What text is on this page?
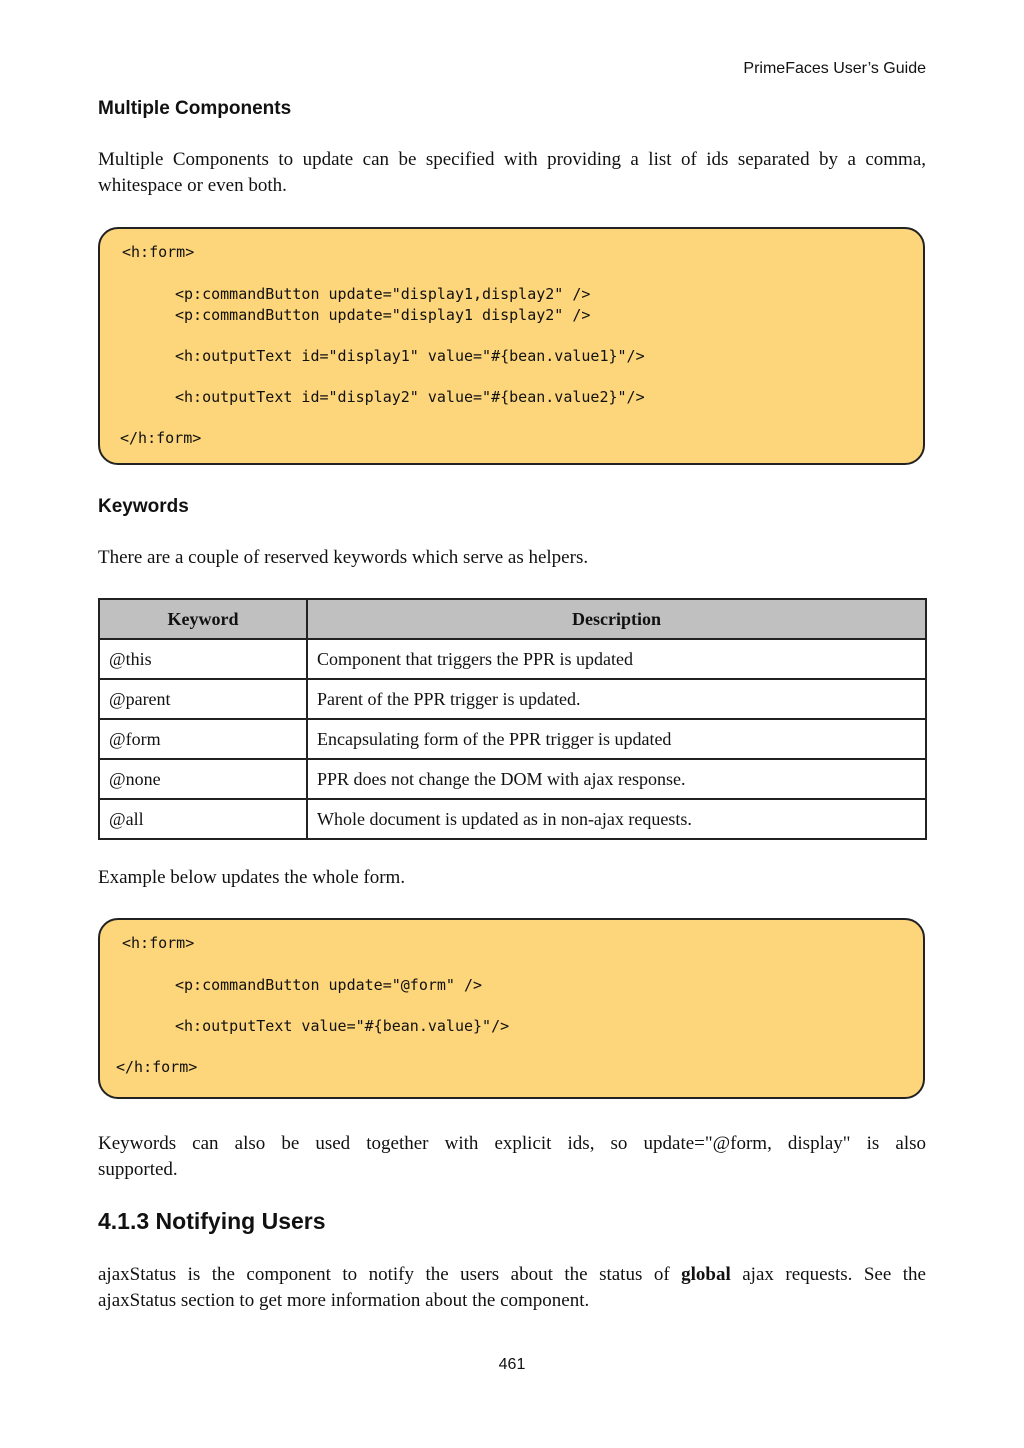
PrimeFaces User’s Guide
Multiple Components
Multiple Components to update can be specified with providing a list of ids separated by a comma,
whitespace or even both.
<h:form>
<p:commandButton update="display1,display2" />
<p:commandButton update="display1 display2" />
<h:outputText id="display1" value="#{bean.value1}"/>
<h:outputText id="display2" value="#{bean.value2}"/>
</h:form>
Keywords
There are a couple of reserved keywords which serve as helpers.
Keyword	Description
@this	Component that triggers the PPR is updated
@parent	Parent of the PPR trigger is updated.
@form	Encapsulating form of the PPR trigger is updated
@none	PPR does not change the DOM with ajax response.
@all	Whole document is updated as in non-ajax requests.
Example below updates the whole form.
<h:form>
<p:commandButton update="@form" />
<h:outputText value="#{bean.value}"/>
</h:form>
Keywords can also be used together with explicit ids, so update="@form, display" is also
supported.
4.1.3 Notifying Users
ajaxStatus is the component to notify the users about the status of global ajax requests. See the
ajaxStatus section to get more information about the component.
461
